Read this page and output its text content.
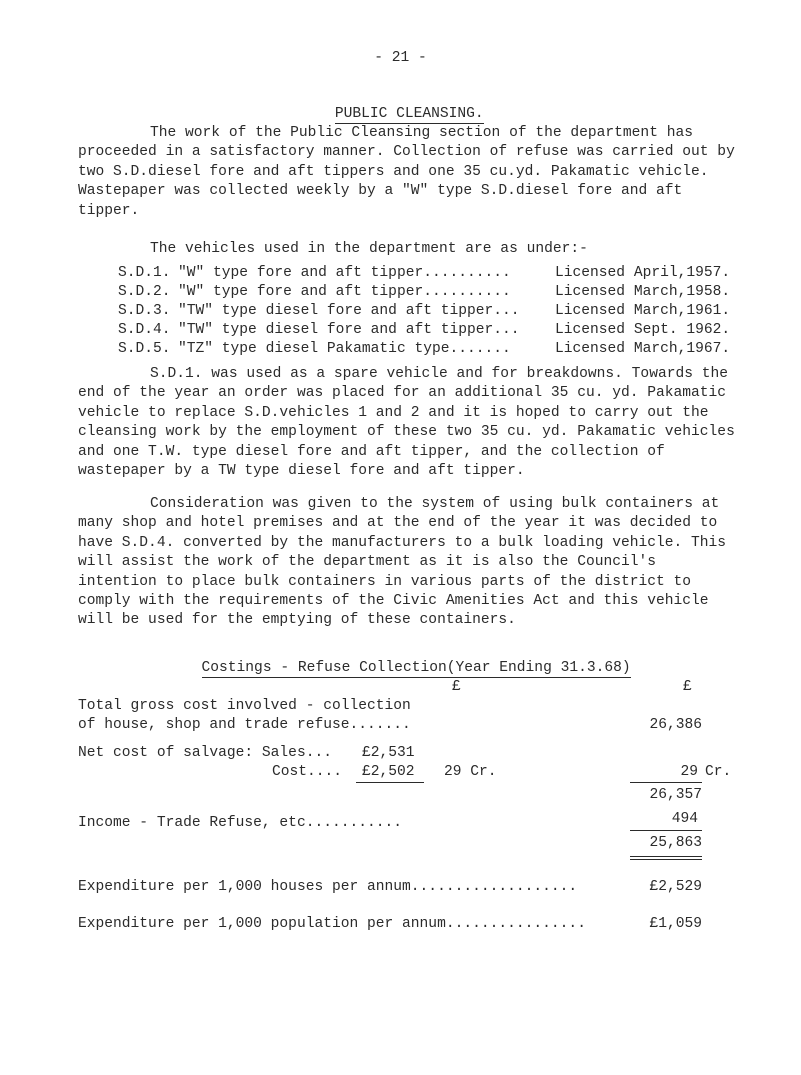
- 21 -

PUBLIC CLEANSING.

The work of the Public Cleansing section of the department has proceeded in a satisfactory manner. Collection of refuse was carried out by two S.D.diesel fore and aft tippers and one 35 cu.yd. Pakamatic vehicle. Wastepaper was collected weekly by a "W" type S.D.diesel fore and aft tipper.

The vehicles used in the department are as under:-
S.D.1. "W" type fore and aft tipper..........	Licensed April,1957.
S.D.2. "W" type fore and aft tipper..........	Licensed March,1958.
S.D.3. "TW" type diesel fore and aft tipper... Licensed March,1961.
S.D.4. "TW" type diesel fore and aft tipper... Licensed Sept. 1962.
S.D.5. "TZ" type diesel Pakamatic type.......	Licensed March,1967.

S.D.1. was used as a spare vehicle and for breakdowns. Towards the end of the year an order was placed for an additional 35 cu. yd. Pakamatic vehicle to replace S.D.vehicles 1 and 2 and it is hoped to carry out the cleansing work by the employment of these two 35 cu. yd. Pakamatic vehicles and one T.W. type diesel fore and aft tipper, and the collection of wastepaper by a TW type diesel fore and aft tipper.

Consideration was given to the system of using bulk containers at many shop and hotel premises and at the end of the year it was decided to have S.D.4. converted by the manufacturers to a bulk loading vehicle. This will assist the work of the department as it is also the Council's intention to place bulk containers in various parts of the district to comply with the requirements of the Civic Amenities Act and this vehicle will be used for the emptying of these containers.

Costings - Refuse Collection(Year Ending 31.3.68)

£	£
Total gross cost involved - collection
of house, shop and trade refuse.......	26,386
Net cost of salvage: Sales... £2,531
Cost.... £2,502 29 Cr.	29 Cr.
26,357
Income - Trade Refuse, etc...........	494
25,863
Expenditure per 1,000 houses per annum...................	£2,529
Expenditure per 1,000 population per annum................	£1,059
